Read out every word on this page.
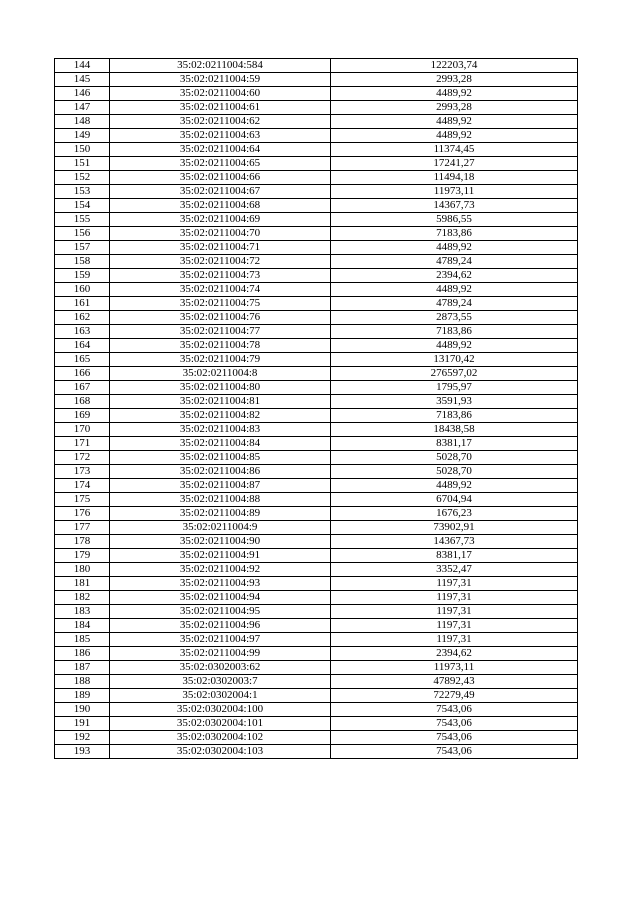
144	35:02:0211004:584	122203,74
145	35:02:0211004:59	2993,28
146	35:02:0211004:60	4489,92
147	35:02:0211004:61	2993,28
148	35:02:0211004:62	4489,92
149	35:02:0211004:63	4489,92
150	35:02:0211004:64	11374,45
151	35:02:0211004:65	17241,27
152	35:02:0211004:66	11494,18
153	35:02:0211004:67	11973,11
154	35:02:0211004:68	14367,73
155	35:02:0211004:69	5986,55
156	35:02:0211004:70	7183,86
157	35:02:0211004:71	4489,92
158	35:02:0211004:72	4789,24
159	35:02:0211004:73	2394,62
160	35:02:0211004:74	4489,92
161	35:02:0211004:75	4789,24
162	35:02:0211004:76	2873,55
163	35:02:0211004:77	7183,86
164	35:02:0211004:78	4489,92
165	35:02:0211004:79	13170,42
166	35:02:0211004:8	276597,02
167	35:02:0211004:80	1795,97
168	35:02:0211004:81	3591,93
169	35:02:0211004:82	7183,86
170	35:02:0211004:83	18438,58
171	35:02:0211004:84	8381,17
172	35:02:0211004:85	5028,70
173	35:02:0211004:86	5028,70
174	35:02:0211004:87	4489,92
175	35:02:0211004:88	6704,94
176	35:02:0211004:89	1676,23
177	35:02:0211004:9	73902,91
178	35:02:0211004:90	14367,73
179	35:02:0211004:91	8381,17
180	35:02:0211004:92	3352,47
181	35:02:0211004:93	1197,31
182	35:02:0211004:94	1197,31
183	35:02:0211004:95	1197,31
184	35:02:0211004:96	1197,31
185	35:02:0211004:97	1197,31
186	35:02:0211004:99	2394,62
187	35:02:0302003:62	11973,11
188	35:02:0302003:7	47892,43
189	35:02:0302004:1	72279,49
190	35:02:0302004:100	7543,06
191	35:02:0302004:101	7543,06
192	35:02:0302004:102	7543,06
193	35:02:0302004:103	7543,06
